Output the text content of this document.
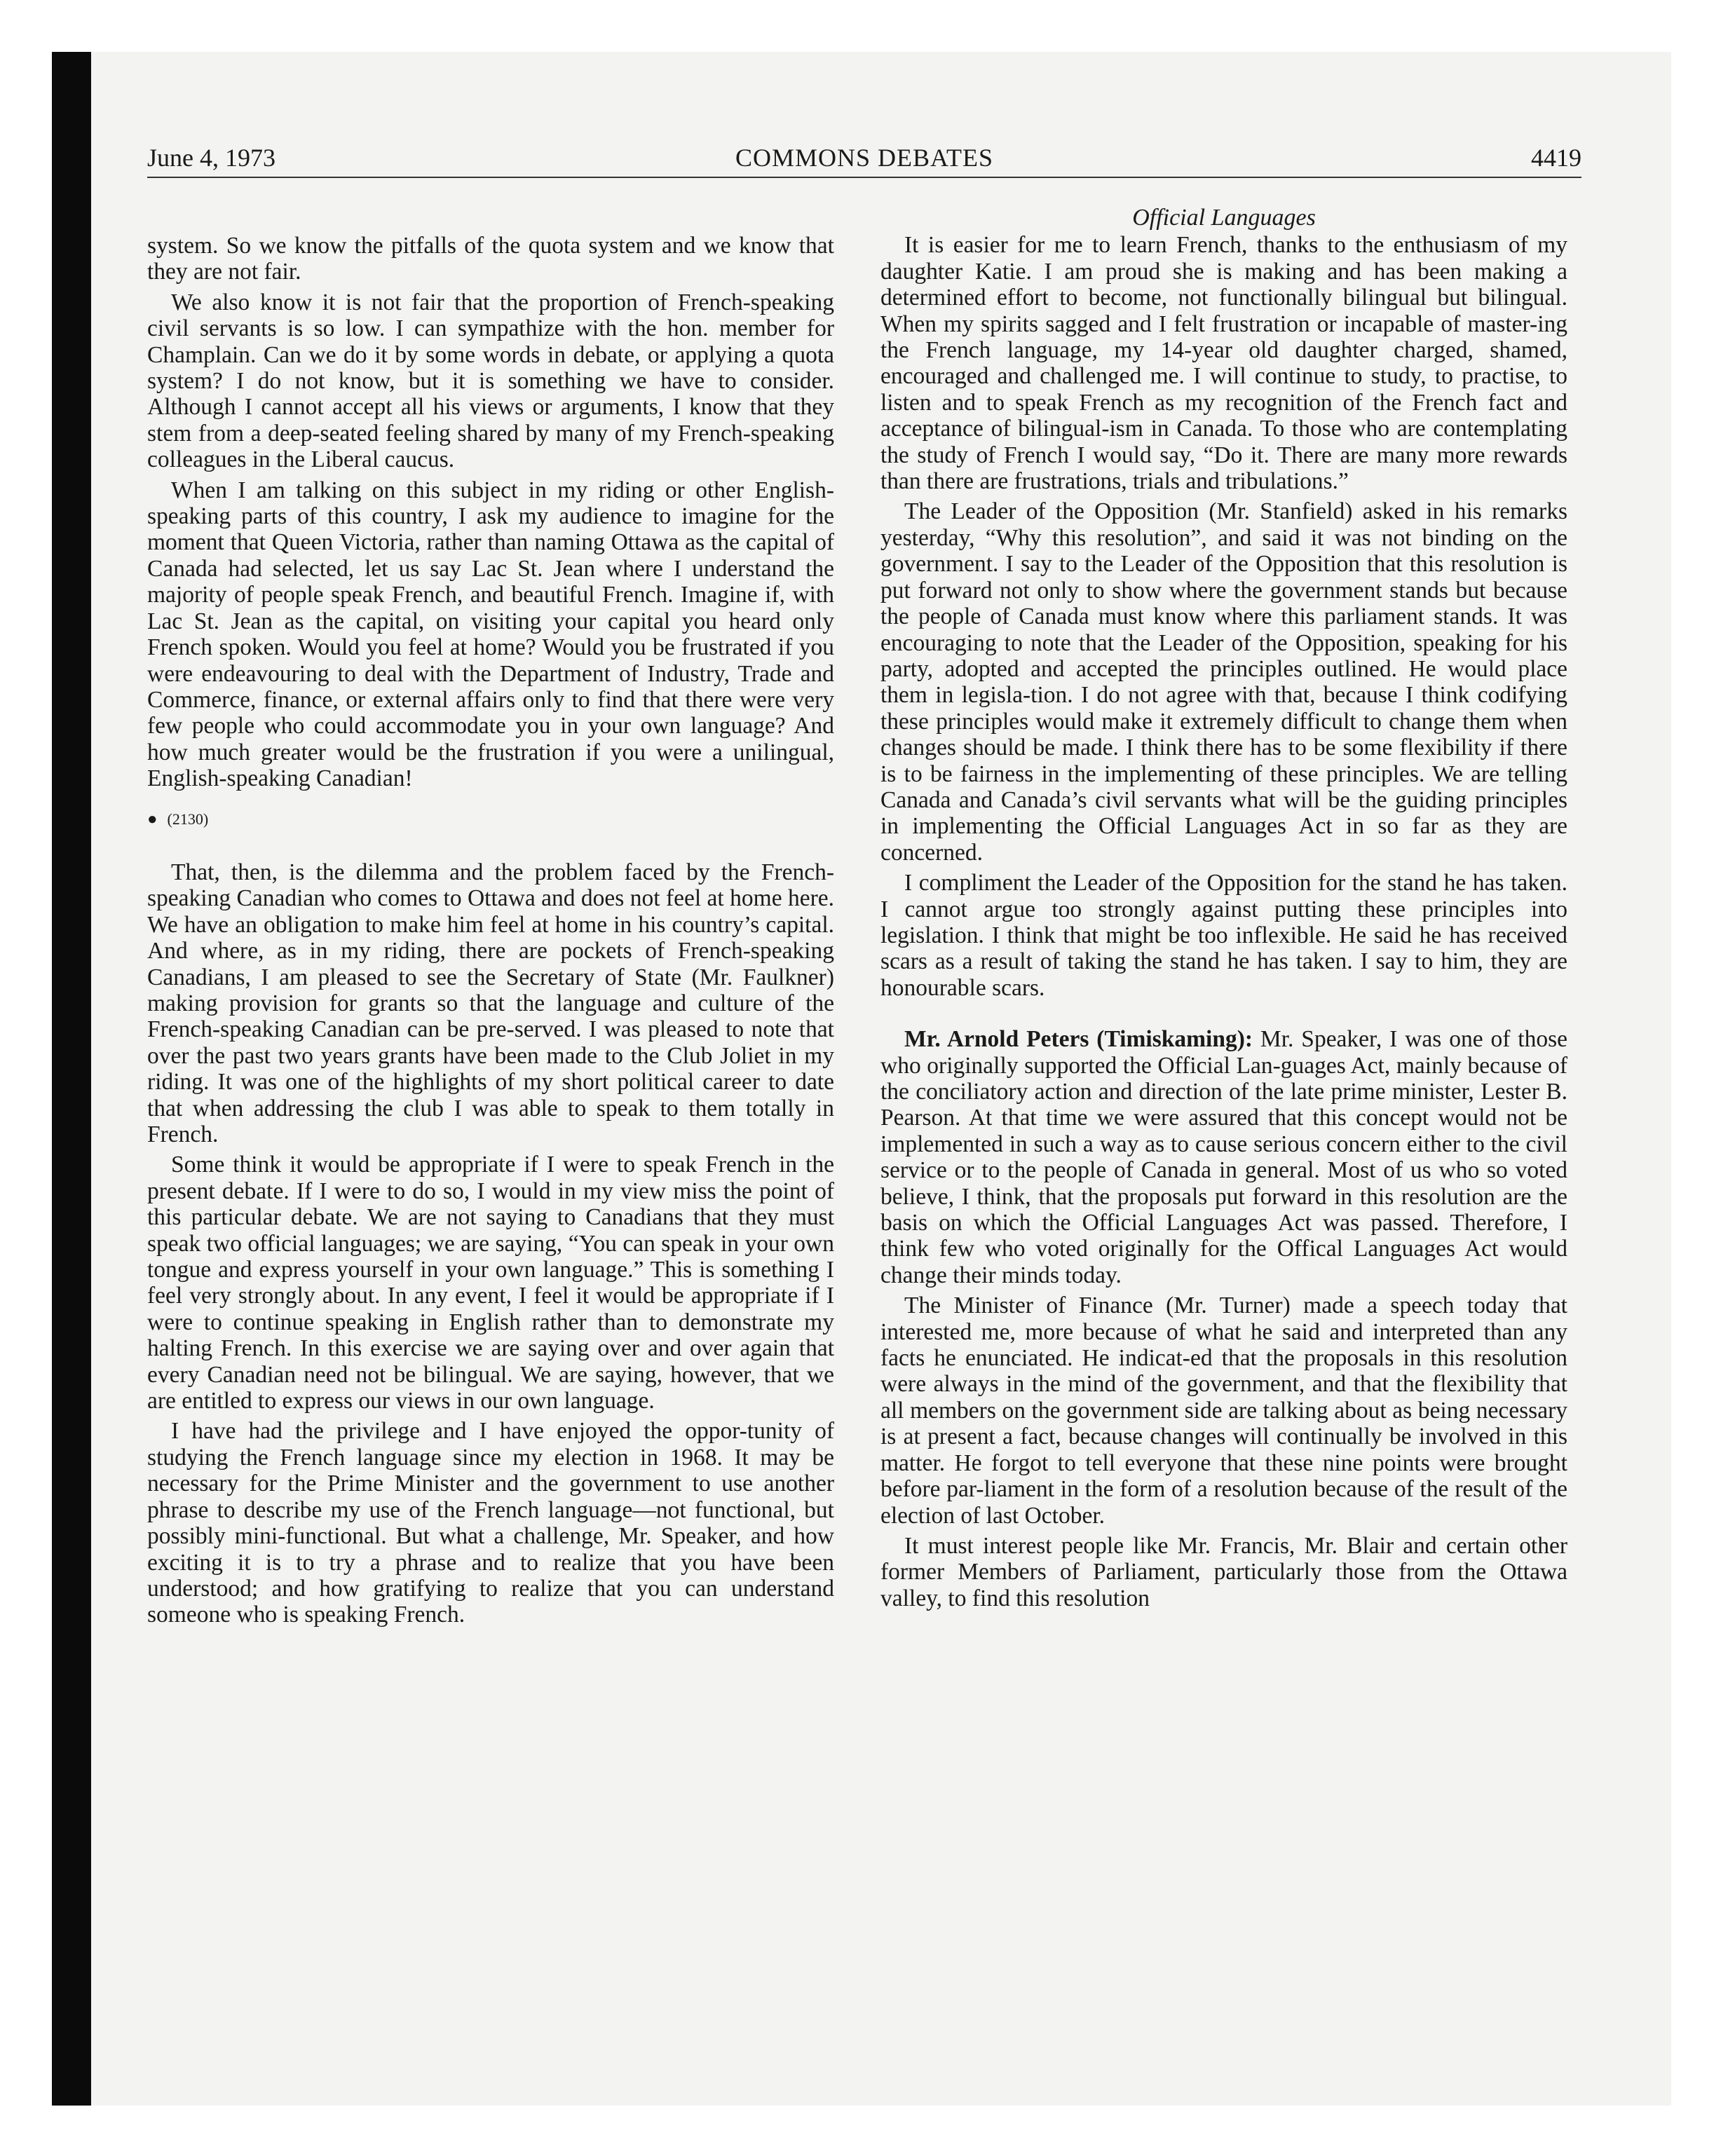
June 4, 1973	COMMONS DEBATES	4419

system. So we know the pitfalls of the quota system and we know that they are not fair.

We also know it is not fair that the proportion of French-speaking civil servants is so low. I can sympathize with the hon. member for Champlain. Can we do it by some words in debate, or applying a quota system? I do not know, but it is something we have to consider. Although I cannot accept all his views or arguments, I know that they stem from a deep-seated feeling shared by many of my French-speaking colleagues in the Liberal caucus.

When I am talking on this subject in my riding or other English-speaking parts of this country, I ask my audience to imagine for the moment that Queen Victoria, rather than naming Ottawa as the capital of Canada had selected, let us say Lac St. Jean where I understand the majority of people speak French, and beautiful French. Imagine if, with Lac St. Jean as the capital, on visiting your capital you heard only French spoken. Would you feel at home? Would you be frustrated if you were endeavouring to deal with the Department of Industry, Trade and Commerce, finance, or external affairs only to find that there were very few people who could accommodate you in your own language? And how much greater would be the frustration if you were a unilingual, English-speaking Canadian!

● (2130)

That, then, is the dilemma and the problem faced by the French-speaking Canadian who comes to Ottawa and does not feel at home here. We have an obligation to make him feel at home in his country’s capital. And where, as in my riding, there are pockets of French-speaking Canadians, I am pleased to see the Secretary of State (Mr. Faulkner) making provision for grants so that the language and culture of the French-speaking Canadian can be pre-served. I was pleased to note that over the past two years grants have been made to the Club Joliet in my riding. It was one of the highlights of my short political career to date that when addressing the club I was able to speak to them totally in French.

Some think it would be appropriate if I were to speak French in the present debate. If I were to do so, I would in my view miss the point of this particular debate. We are not saying to Canadians that they must speak two official languages; we are saying, “You can speak in your own tongue and express yourself in your own language.” This is something I feel very strongly about. In any event, I feel it would be appropriate if I were to continue speaking in English rather than to demonstrate my halting French. In this exercise we are saying over and over again that every Canadian need not be bilingual. We are saying, however, that we are entitled to express our views in our own language.

I have had the privilege and I have enjoyed the oppor-tunity of studying the French language since my election in 1968. It may be necessary for the Prime Minister and the government to use another phrase to describe my use of the French language—not functional, but possibly mini-functional. But what a challenge, Mr. Speaker, and how exciting it is to try a phrase and to realize that you have been understood; and how gratifying to realize that you can understand someone who is speaking French.

Official Languages

It is easier for me to learn French, thanks to the enthusiasm of my daughter Katie. I am proud she is making and has been making a determined effort to become, not functionally bilingual but bilingual. When my spirits sagged and I felt frustration or incapable of master-ing the French language, my 14-year old daughter charged, shamed, encouraged and challenged me. I will continue to study, to practise, to listen and to speak French as my recognition of the French fact and acceptance of bilingual-ism in Canada. To those who are contemplating the study of French I would say, “Do it. There are many more rewards than there are frustrations, trials and tribulations.”

The Leader of the Opposition (Mr. Stanfield) asked in his remarks yesterday, “Why this resolution”, and said it was not binding on the government. I say to the Leader of the Opposition that this resolution is put forward not only to show where the government stands but because the people of Canada must know where this parliament stands. It was encouraging to note that the Leader of the Opposition, speaking for his party, adopted and accepted the principles outlined. He would place them in legisla-tion. I do not agree with that, because I think codifying these principles would make it extremely difficult to change them when changes should be made. I think there has to be some flexibility if there is to be fairness in the implementing of these principles. We are telling Canada and Canada’s civil servants what will be the guiding principles in implementing the Official Languages Act in so far as they are concerned.

I compliment the Leader of the Opposition for the stand he has taken. I cannot argue too strongly against putting these principles into legislation. I think that might be too inflexible. He said he has received scars as a result of taking the stand he has taken. I say to him, they are honourable scars.

Mr. Arnold Peters (Timiskaming): Mr. Speaker, I was one of those who originally supported the Official Lan-guages Act, mainly because of the conciliatory action and direction of the late prime minister, Lester B. Pearson. At that time we were assured that this concept would not be implemented in such a way as to cause serious concern either to the civil service or to the people of Canada in general. Most of us who so voted believe, I think, that the proposals put forward in this resolution are the basis on which the Official Languages Act was passed. Therefore, I think few who voted originally for the Offical Languages Act would change their minds today.

The Minister of Finance (Mr. Turner) made a speech today that interested me, more because of what he said and interpreted than any facts he enunciated. He indicat-ed that the proposals in this resolution were always in the mind of the government, and that the flexibility that all members on the government side are talking about as being necessary is at present a fact, because changes will continually be involved in this matter. He forgot to tell everyone that these nine points were brought before par-liament in the form of a resolution because of the result of the election of last October.

It must interest people like Mr. Francis, Mr. Blair and certain other former Members of Parliament, particularly those from the Ottawa valley, to find this resolution
